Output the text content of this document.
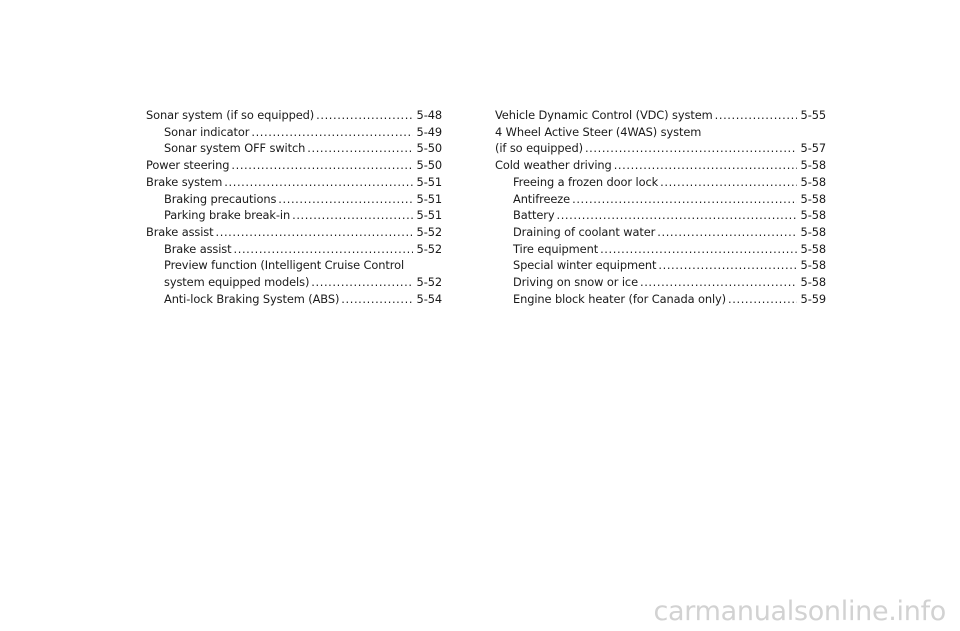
Sonar system (if so equipped) .....	5-48
Sonar indicator .....	5-49
Sonar system OFF switch .....	5-50
Power steering .....	5-50
Brake system .....	5-51
Braking precautions .....	5-51
Parking brake break-in .....	5-51
Brake assist .....	5-52
Brake assist .....	5-52
Preview function (Intelligent Cruise Control
system equipped models) .....	5-52
Anti-lock Braking System (ABS) .....	5-54
Vehicle Dynamic Control (VDC) system .....	5-55
4 Wheel Active Steer (4WAS) system
(if so equipped) .....	5-57
Cold weather driving .....	5-58
Freeing a frozen door lock .....	5-58
Antifreeze .....	5-58
Battery .....	5-58
Draining of coolant water .....	5-58
Tire equipment .....	5-58
Special winter equipment .....	5-58
Driving on snow or ice .....	5-58
Engine block heater (for Canada only) .....	5-59
carmanualsonline.info
